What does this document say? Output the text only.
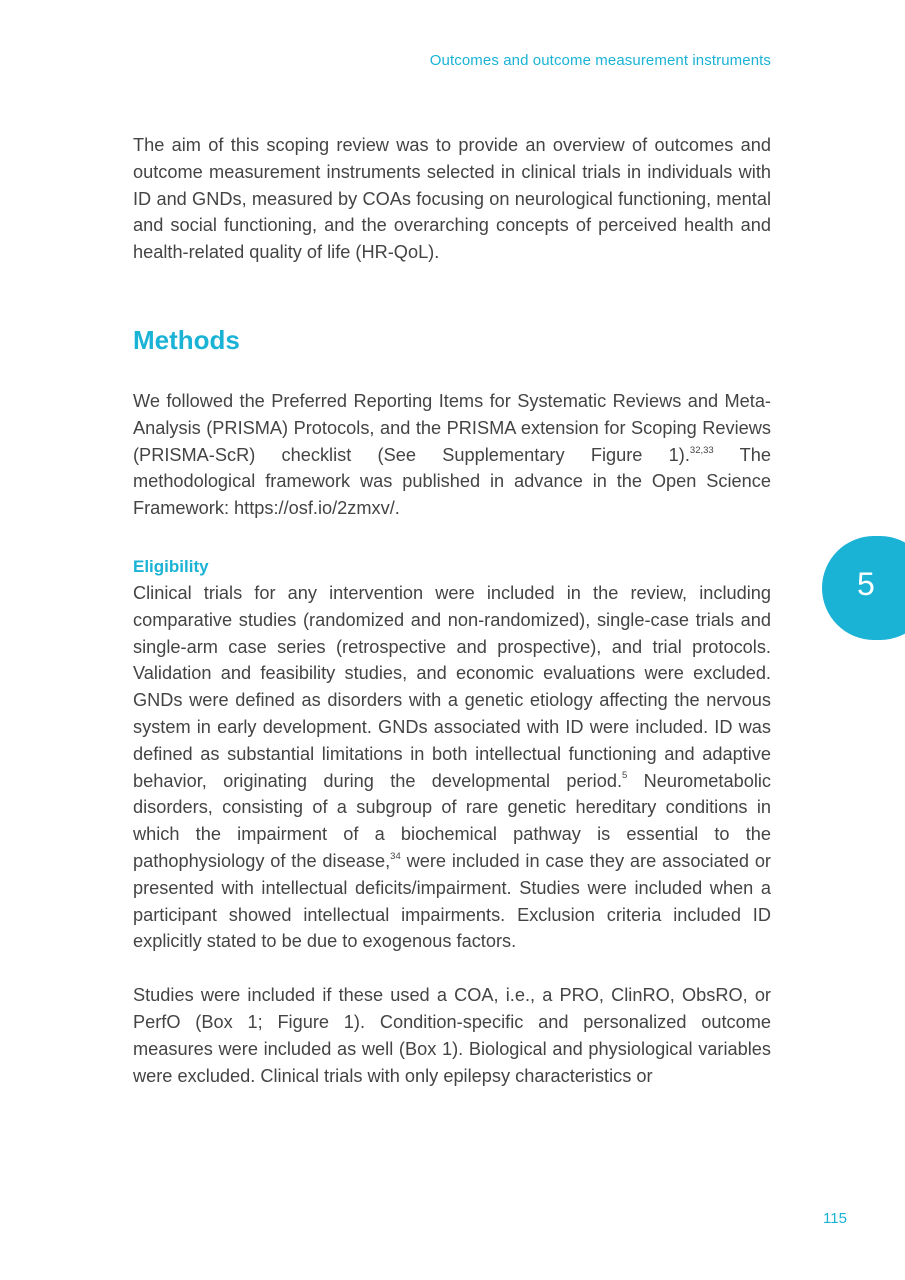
Outcomes and outcome measurement instruments

The aim of this scoping review was to provide an overview of outcomes and outcome measurement instruments selected in clinical trials in individuals with ID and GNDs, measured by COAs focusing on neurological functioning, mental and social functioning, and the overarching concepts of perceived health and health-related quality of life (HR-QoL).

Methods

We followed the Preferred Reporting Items for Systematic Reviews and Meta-Analysis (PRISMA) Protocols, and the PRISMA extension for Scoping Reviews (PRISMA-ScR) checklist (See Supplementary Figure 1).$^{32,33}$ The methodological framework was published in advance in the Open Science Framework: https://osf.io/2zmxv/.

Eligibility

Clinical trials for any intervention were included in the review, including comparative studies (randomized and non-randomized), single-case trials and single-arm case series (retrospective and prospective), and trial protocols. Validation and feasibility studies, and economic evaluations were excluded. GNDs were defined as disorders with a genetic etiology affecting the nervous system in early development. GNDs associated with ID were included. ID was defined as substantial limitations in both intellectual functioning and adaptive behavior, originating during the developmental period.$^5$ Neurometabolic disorders, consisting of a subgroup of rare genetic hereditary conditions in which the impairment of a biochemical pathway is essential to the pathophysiology of the disease,$^{34}$ were included in case they are associated or presented with intellectual deficits/impairment. Studies were included when a participant showed intellectual impairments. Exclusion criteria included ID explicitly stated to be due to exogenous factors.

Studies were included if these used a COA, i.e., a PRO, ClinRO, ObsRO, or PerfO (Box 1; Figure 1). Condition-specific and personalized outcome measures were included as well (Box 1). Biological and physiological variables were excluded. Clinical trials with only epilepsy characteristics or

5
115
